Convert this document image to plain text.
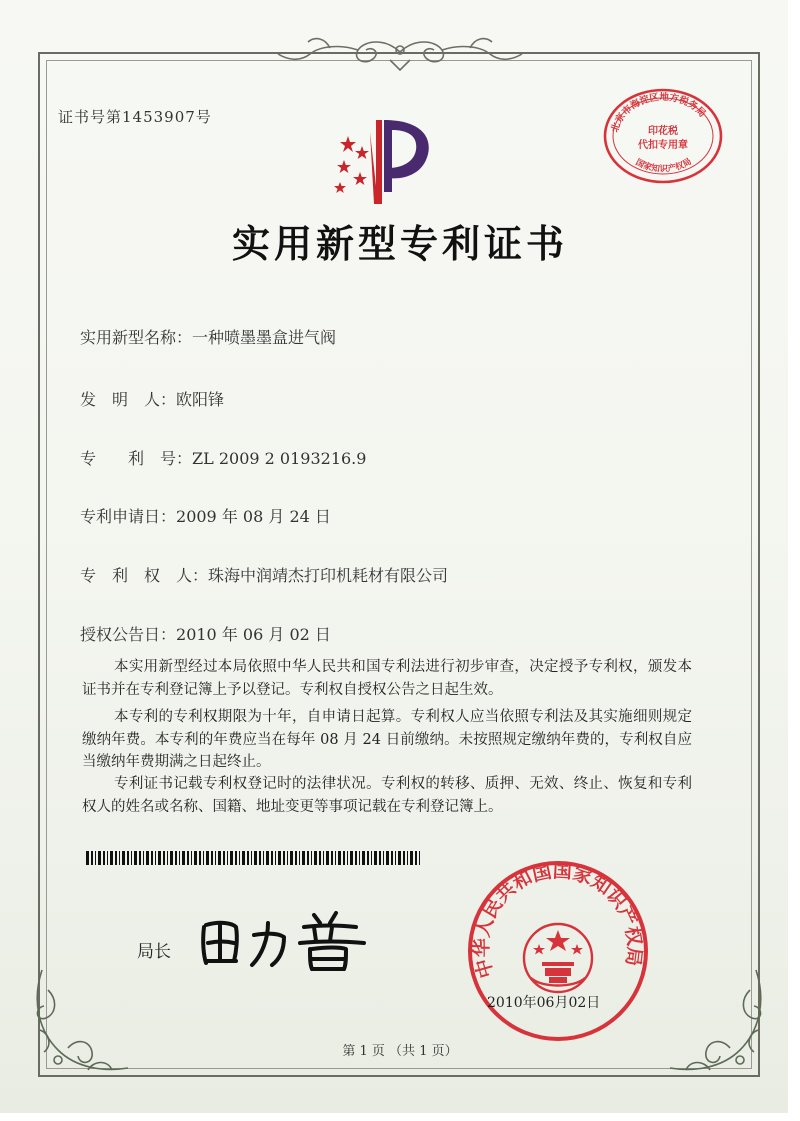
证书号第1453907号
北京市海淀区地方税务局
印花税
代扣专用章
国家知识产权局
实用新型专利证书
实用新型名称：一种喷墨墨盒进气阀
发　明　人：欧阳锋
专　　利　号：ZL 2009 2 0193216.9
专利申请日：2009 年 08 月 24 日
专　利　权　人：珠海中润靖杰打印机耗材有限公司
授权公告日：2010 年 06 月 02 日
本实用新型经过本局依照中华人民共和国专利法进行初步审查，决定授予专利权，颁发本证书并在专利登记簿上予以登记。专利权自授权公告之日起生效。
本专利的专利权期限为十年，自申请日起算。专利权人应当依照专利法及其实施细则规定缴纳年费。本专利的年费应当在每年 08 月 24 日前缴纳。未按照规定缴纳年费的，专利权自应当缴纳年费期满之日起终止。
专利证书记载专利权登记时的法律状况。专利权的转移、质押、无效、终止、恢复和专利权人的姓名或名称、国籍、地址变更等事项记载在专利登记簿上。
局长
中华人民共和国国家知识产权局
2010年06月02日
第 1 页 （共 1 页）
